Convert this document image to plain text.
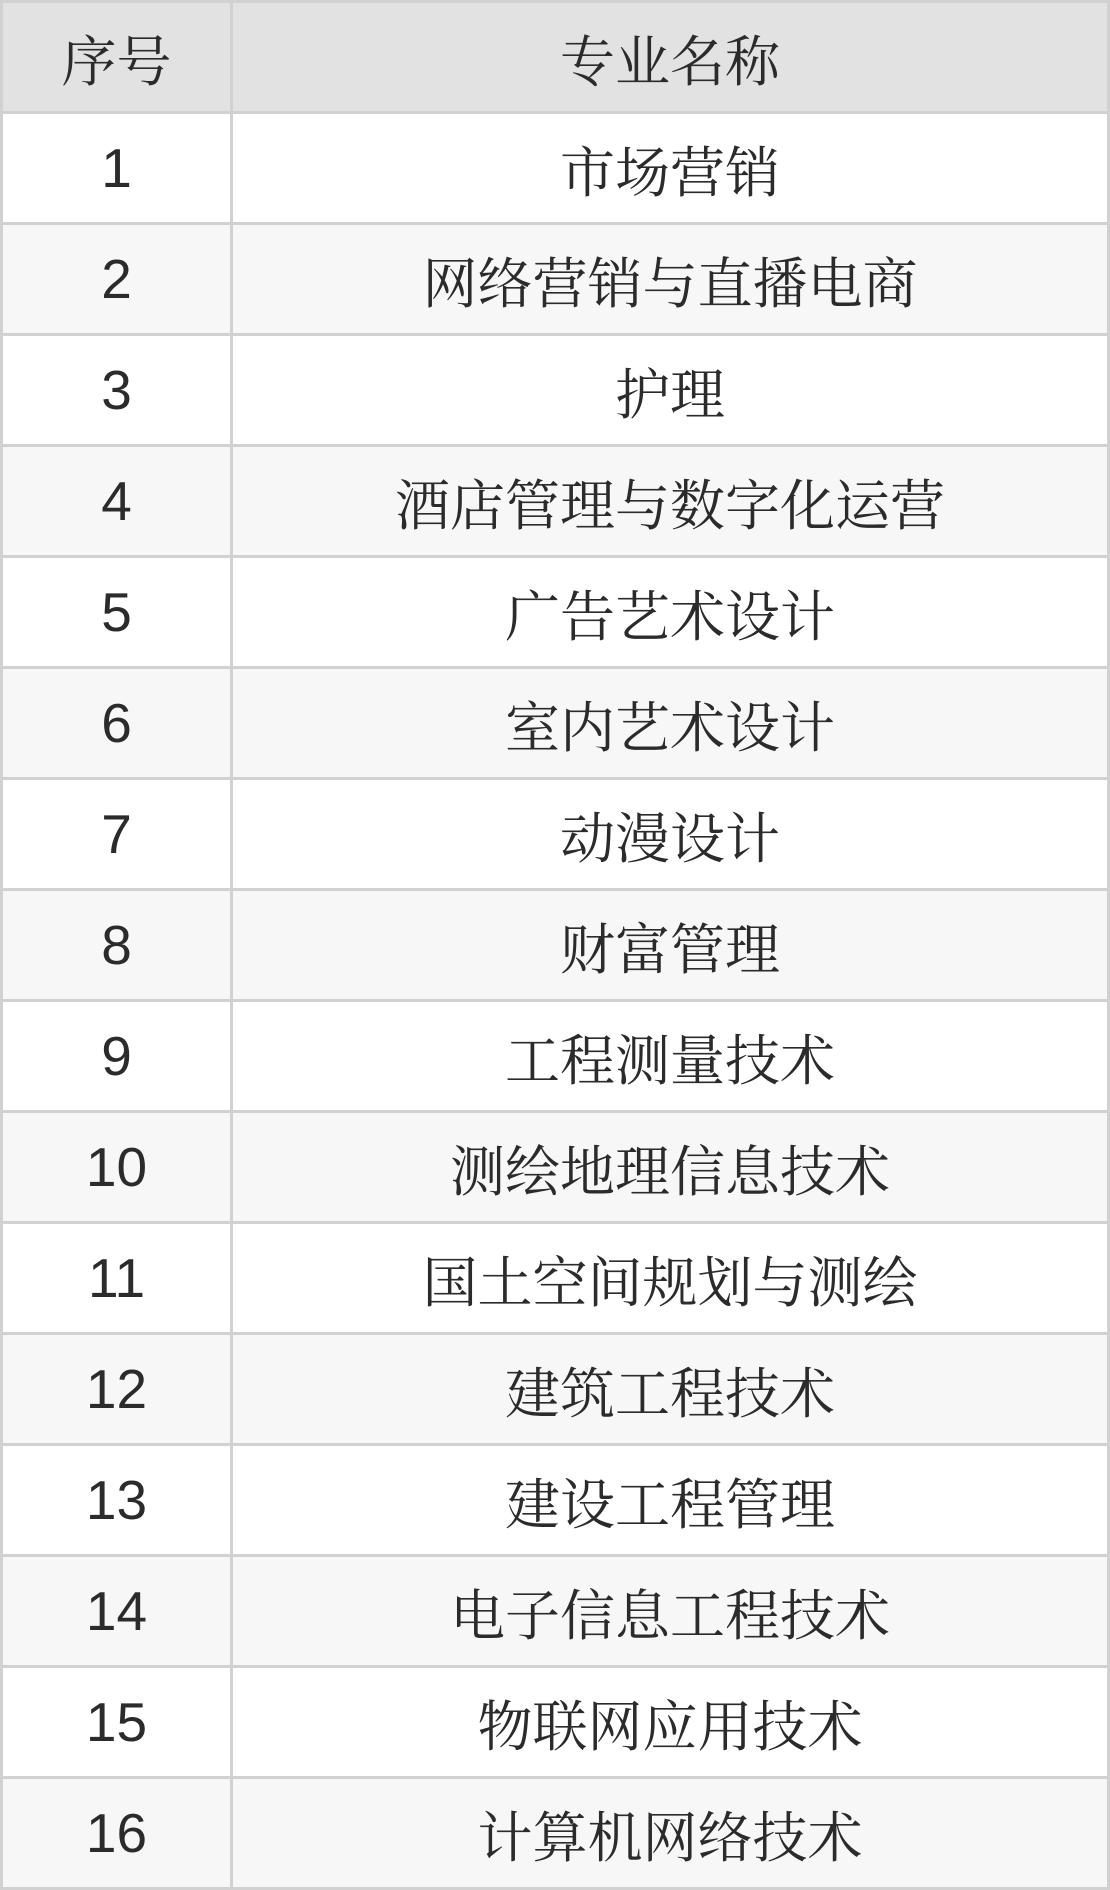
序号	专业名称
1	市场营销
2	网络营销与直播电商
3	护理
4	酒店管理与数字化运营
5	广告艺术设计
6	室内艺术设计
7	动漫设计
8	财富管理
9	工程测量技术
10	测绘地理信息技术
11	国土空间规划与测绘
12	建筑工程技术
13	建设工程管理
14	电子信息工程技术
15	物联网应用技术
16	计算机网络技术
